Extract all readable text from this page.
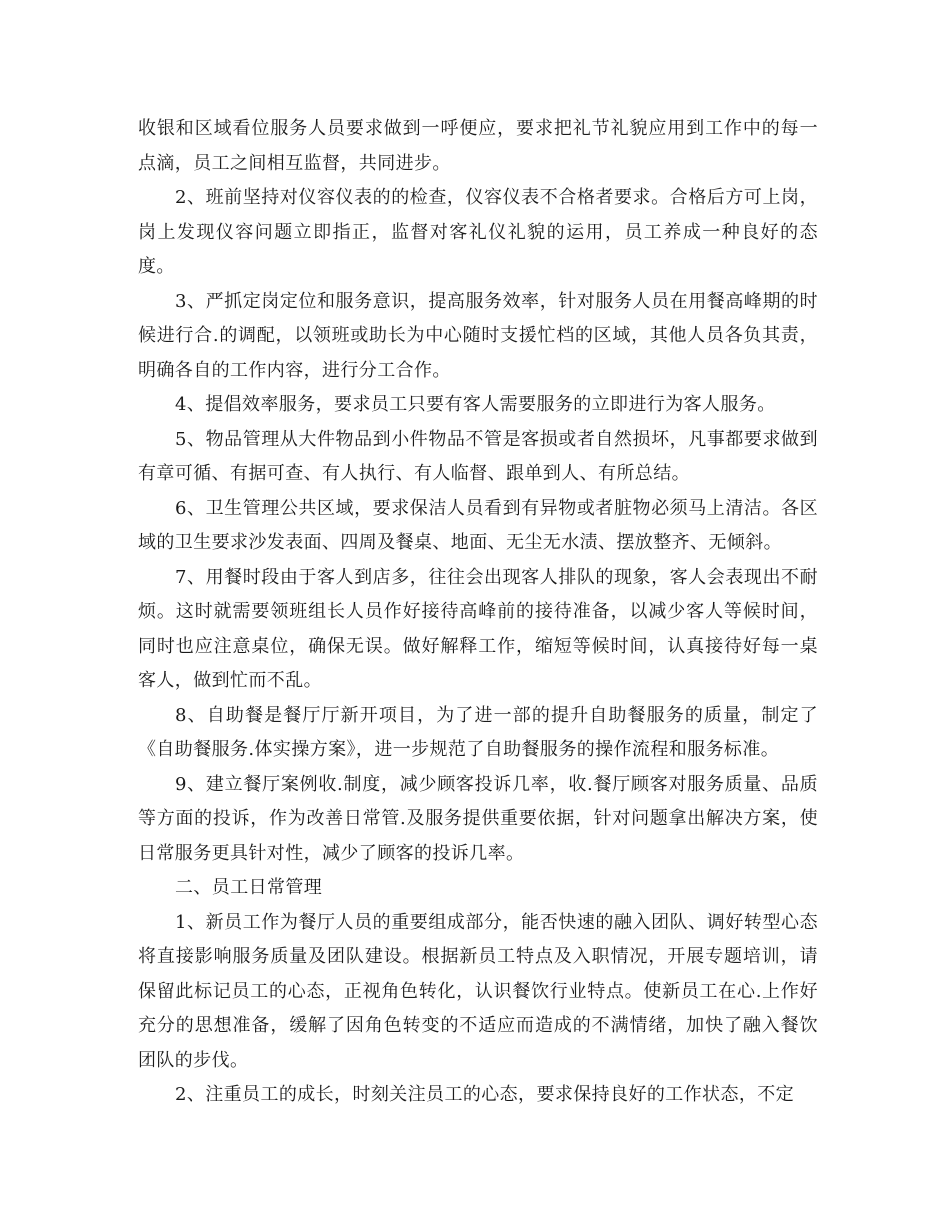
收银和区域看位服务人员要求做到一呼便应，要求把礼节礼貌应用到工作中的每一点滴，员工之间相互监督，共同进步。

2、班前坚持对仪容仪表的的检查，仪容仪表不合格者要求。合格后方可上岗，岗上发现仪容问题立即指正，监督对客礼仪礼貌的运用，员工养成一种良好的态度。

3、严抓定岗定位和服务意识，提高服务效率，针对服务人员在用餐高峰期的时候进行合.的调配，以领班或助长为中心随时支援忙档的区域，其他人员各负其责，明确各自的工作内容，进行分工合作。

4、提倡效率服务，要求员工只要有客人需要服务的立即进行为客人服务。

5、物品管理从大件物品到小件物品不管是客损或者自然损坏，凡事都要求做到有章可循、有据可查、有人执行、有人临督、跟单到人、有所总结。

6、卫生管理公共区域，要求保洁人员看到有异物或者脏物必须马上清洁。各区域的卫生要求沙发表面、四周及餐桌、地面、无尘无水渍、摆放整齐、无倾斜。

7、用餐时段由于客人到店多，往往会出现客人排队的现象，客人会表现出不耐烦。这时就需要领班组长人员作好接待高峰前的接待准备，以减少客人等候时间，同时也应注意桌位，确保无误。做好解释工作，缩短等候时间，认真接待好每一桌客人，做到忙而不乱。

8、自助餐是餐厅厅新开项目，为了进一部的提升自助餐服务的质量，制定了《自助餐服务.体实操方案》，进一步规范了自助餐服务的操作流程和服务标准。

9、建立餐厅案例收.制度，减少顾客投诉几率，收.餐厅顾客对服务质量、品质等方面的投诉，作为改善日常管.及服务提供重要依据，针对问题拿出解决方案，使日常服务更具针对性，减少了顾客的投诉几率。

二、员工日常管理

1、新员工作为餐厅人员的重要组成部分，能否快速的融入团队、调好转型心态将直接影响服务质量及团队建设。根据新员工特点及入职情况，开展专题培训，请保留此标记员工的心态，正视角色转化，认识餐饮行业特点。使新员工在心.上作好充分的思想准备，缓解了因角色转变的不适应而造成的不满情绪，加快了融入餐饮团队的步伐。

2、注重员工的成长，时刻关注员工的心态，要求保持良好的工作状态，不定
